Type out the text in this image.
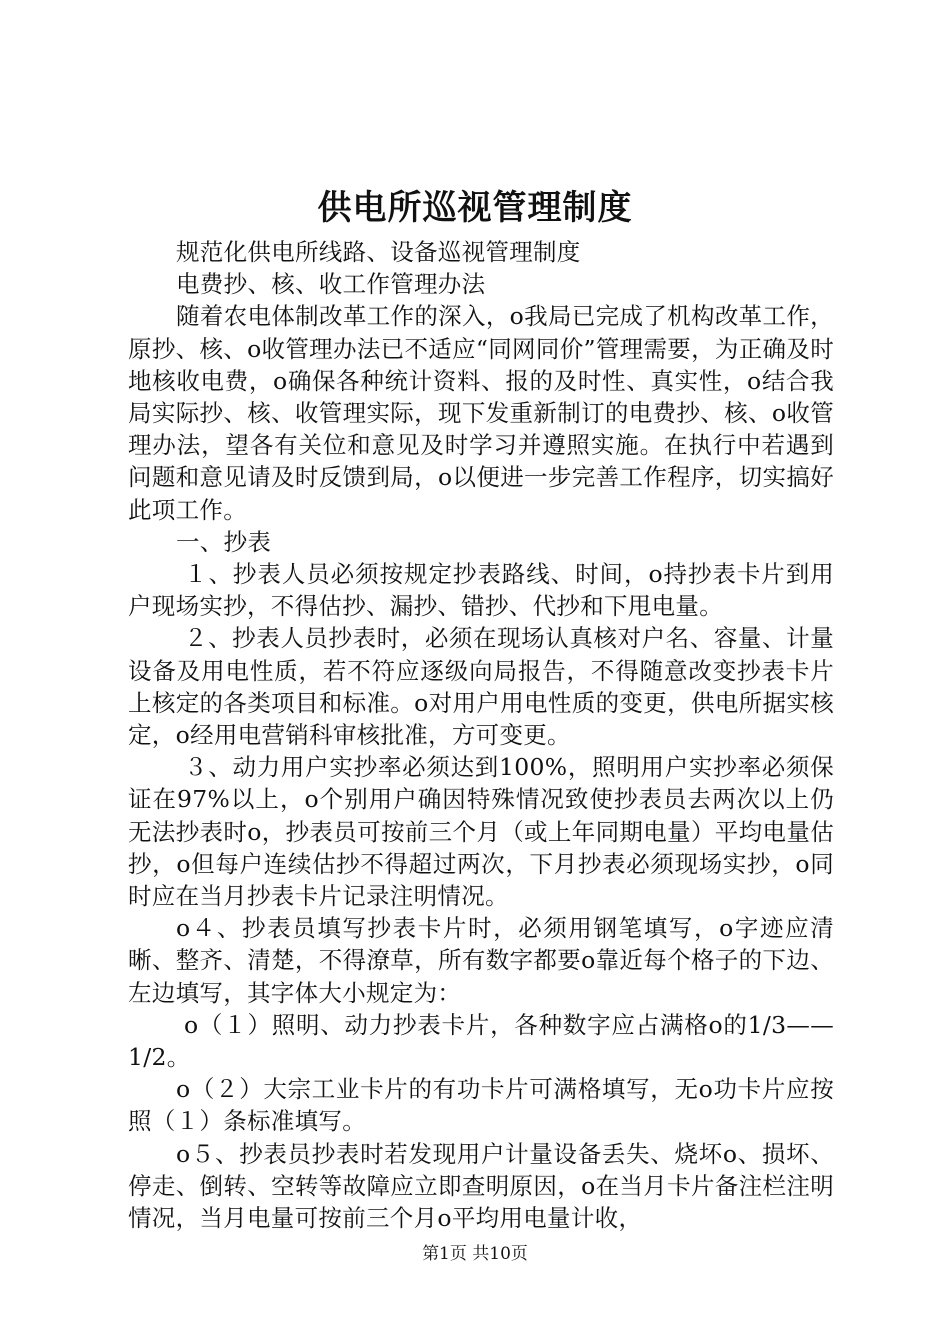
供电所巡视管理制度

规范化供电所线路、设备巡视管理制度

电费抄、核、收工作管理办法

随着农电体制改革工作的深入，o我局已完成了机构改革工作，原抄、核、o收管理办法已不适应“同网同价”管理需要，为正确及时地核收电费，o确保各种统计资料、报的及时性、真实性，o结合我局实际抄、核、收管理实际，现下发重新制订的电费抄、核、o收管理办法，望各有关位和意见及时学习并遵照实施。在执行中若遇到问题和意见请及时反馈到局，o以便进一步完善工作程序，切实搞好此项工作。

一、抄表

１、抄表人员必须按规定抄表路线、时间，o持抄表卡片到用户现场实抄，不得估抄、漏抄、错抄、代抄和下甩电量。

２、抄表人员抄表时，必须在现场认真核对户名、容量、计量设备及用电性质，若不符应逐级向局报告，不得随意改变抄表卡片上核定的各类项目和标准。o对用户用电性质的变更，供电所据实核定，o经用电营销科审核批准，方可变更。

３、动力用户实抄率必须达到100%，照明用户实抄率必须保证在97%以上，o个别用户确因特殊情况致使抄表员去两次以上仍无法抄表时o，抄表员可按前三个月（或上年同期电量）平均电量估抄，o但每户连续估抄不得超过两次，下月抄表必须现场实抄，o同时应在当月抄表卡片记录注明情况。

o４、抄表员填写抄表卡片时，必须用钢笔填写，o字迹应清晰、整齐、清楚，不得潦草，所有数字都要o靠近每个格子的下边、左边填写，其字体大小规定为：

o（１）照明、动力抄表卡片，各种数字应占满格o的1/3——1/2。

o（２）大宗工业卡片的有功卡片可满格填写，无o功卡片应按照（１）条标准填写。

o５、抄表员抄表时若发现用户计量设备丢失、烧坏o、损坏、停走、倒转、空转等故障应立即查明原因，o在当月卡片备注栏注明情况，当月电量可按前三个月o平均用电量计收，

第1页 共10页
